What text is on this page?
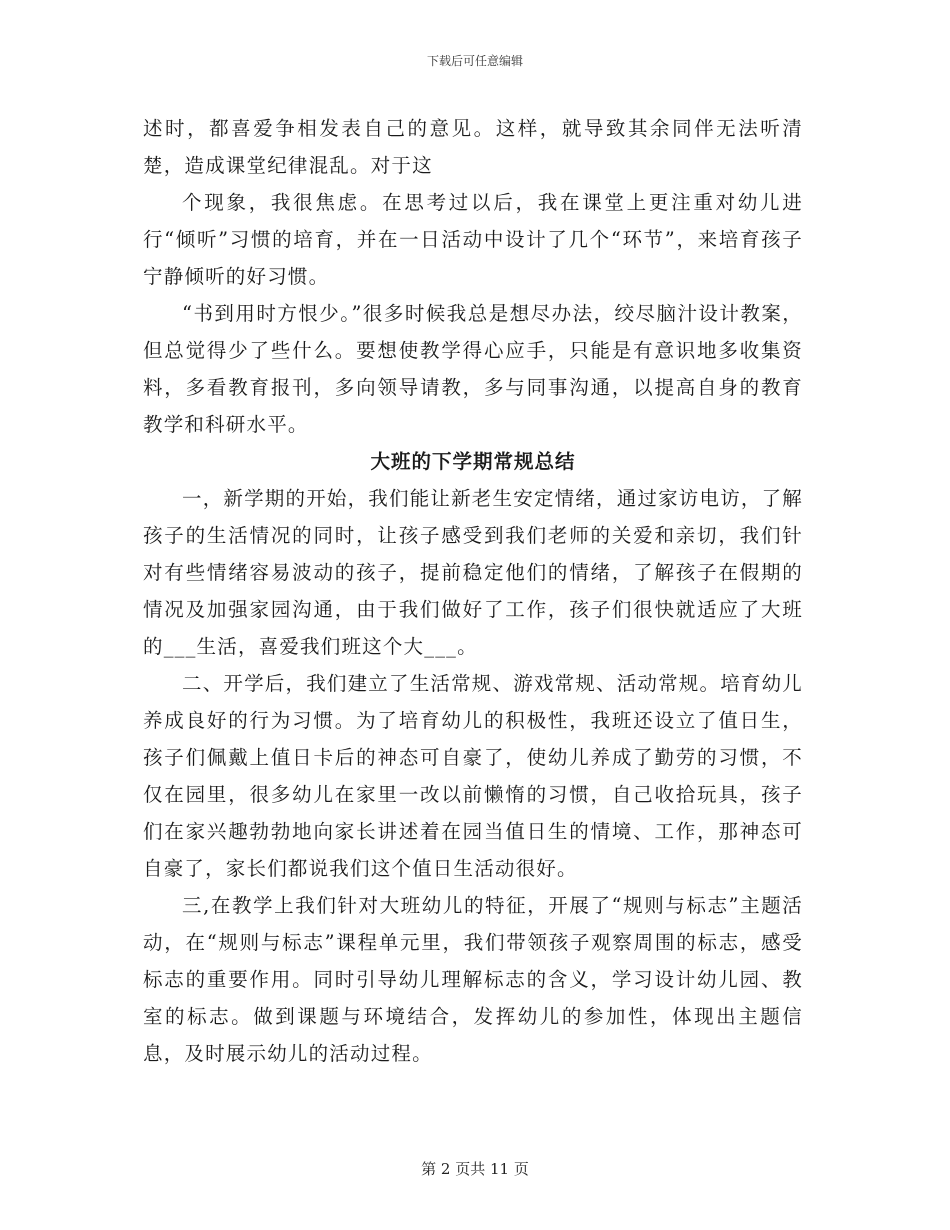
下载后可任意编辑

述时，都喜爱争相发表自己的意见。这样，就导致其余同伴无法听清楚，造成课堂纪律混乱。对于这

个现象，我很焦虑。在思考过以后，我在课堂上更注重对幼儿进行“倾听”习惯的培育，并在一日活动中设计了几个“环节”，来培育孩子宁静倾听的好习惯。

“书到用时方恨少。”很多时候我总是想尽办法，绞尽脑汁设计教案，但总觉得少了些什么。要想使教学得心应手，只能是有意识地多收集资料，多看教育报刊，多向领导请教，多与同事沟通，以提高自身的教育教学和科研水平。

大班的下学期常规总结

一，新学期的开始，我们能让新老生安定情绪，通过家访电访，了解孩子的生活情况的同时，让孩子感受到我们老师的关爱和亲切，我们针对有些情绪容易波动的孩子，提前稳定他们的情绪，了解孩子在假期的情况及加强家园沟通，由于我们做好了工作，孩子们很快就适应了大班的___生活，喜爱我们班这个大___。

二、开学后，我们建立了生活常规、游戏常规、活动常规。培育幼儿养成良好的行为习惯。为了培育幼儿的积极性，我班还设立了值日生，孩子们佩戴上值日卡后的神态可自豪了，使幼儿养成了勤劳的习惯，不仅在园里，很多幼儿在家里一改以前懒惰的习惯，自己收拾玩具，孩子们在家兴趣勃勃地向家长讲述着在园当值日生的情境、工作，那神态可自豪了，家长们都说我们这个值日生活动很好。

三,在教学上我们针对大班幼儿的特征，开展了“规则与标志”主题活动，在“规则与标志”课程单元里，我们带领孩子观察周围的标志，感受标志的重要作用。同时引导幼儿理解标志的含义，学习设计幼儿园、教室的标志。做到课题与环境结合，发挥幼儿的参加性，体现出主题信息，及时展示幼儿的活动过程。

第 2 页共 11 页
